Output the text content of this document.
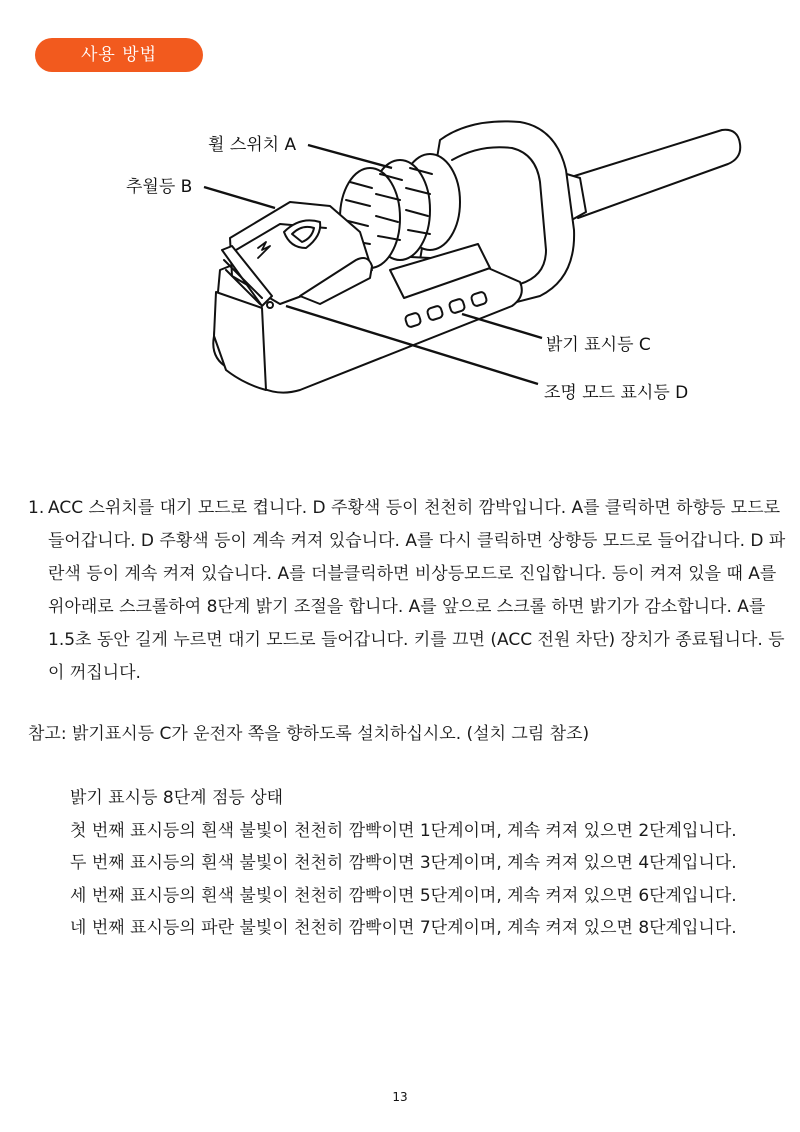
사용 방법
휠 스위치 A
추월등 B
밝기 표시등 C
조명 모드 표시등 D
1. ACC 스위치를 대기 모드로 켭니다. D 주황색 등이 천천히 깜박입니다. A를 클릭하면 하향등 모드로 들어갑니다. D 주황색 등이 계속 켜져 있습니다. A를 다시 클릭하면 상향등 모드로 들어갑니다. D 파란색 등이 계속 켜져 있습니다. A를 더블클릭하면 비상등모드로 진입합니다. 등이 켜져 있을 때 A를 위아래로 스크롤하여 8단계 밝기 조절을 합니다. A를 앞으로 스크롤 하면 밝기가 감소합니다. A를 1.5초 동안 길게 누르면 대기 모드로 들어갑니다. 키를 끄면 (ACC 전원 차단) 장치가 종료됩니다. 등이 꺼집니다.
참고: 밝기표시등 C가 운전자 쪽을 향하도록 설치하십시오. (설치 그림 참조)
밝기 표시등 8단계 점등 상태
첫 번째 표시등의 흰색 불빛이 천천히 깜빡이면 1단계이며, 계속 켜져 있으면 2단계입니다.
두 번째 표시등의 흰색 불빛이 천천히 깜빡이면 3단계이며, 계속 켜져 있으면 4단계입니다.
세 번째 표시등의 흰색 불빛이 천천히 깜빡이면 5단계이며, 계속 켜져 있으면 6단계입니다.
네 번째 표시등의 파란 불빛이 천천히 깜빡이면 7단계이며, 계속 켜져 있으면 8단계입니다.
13
